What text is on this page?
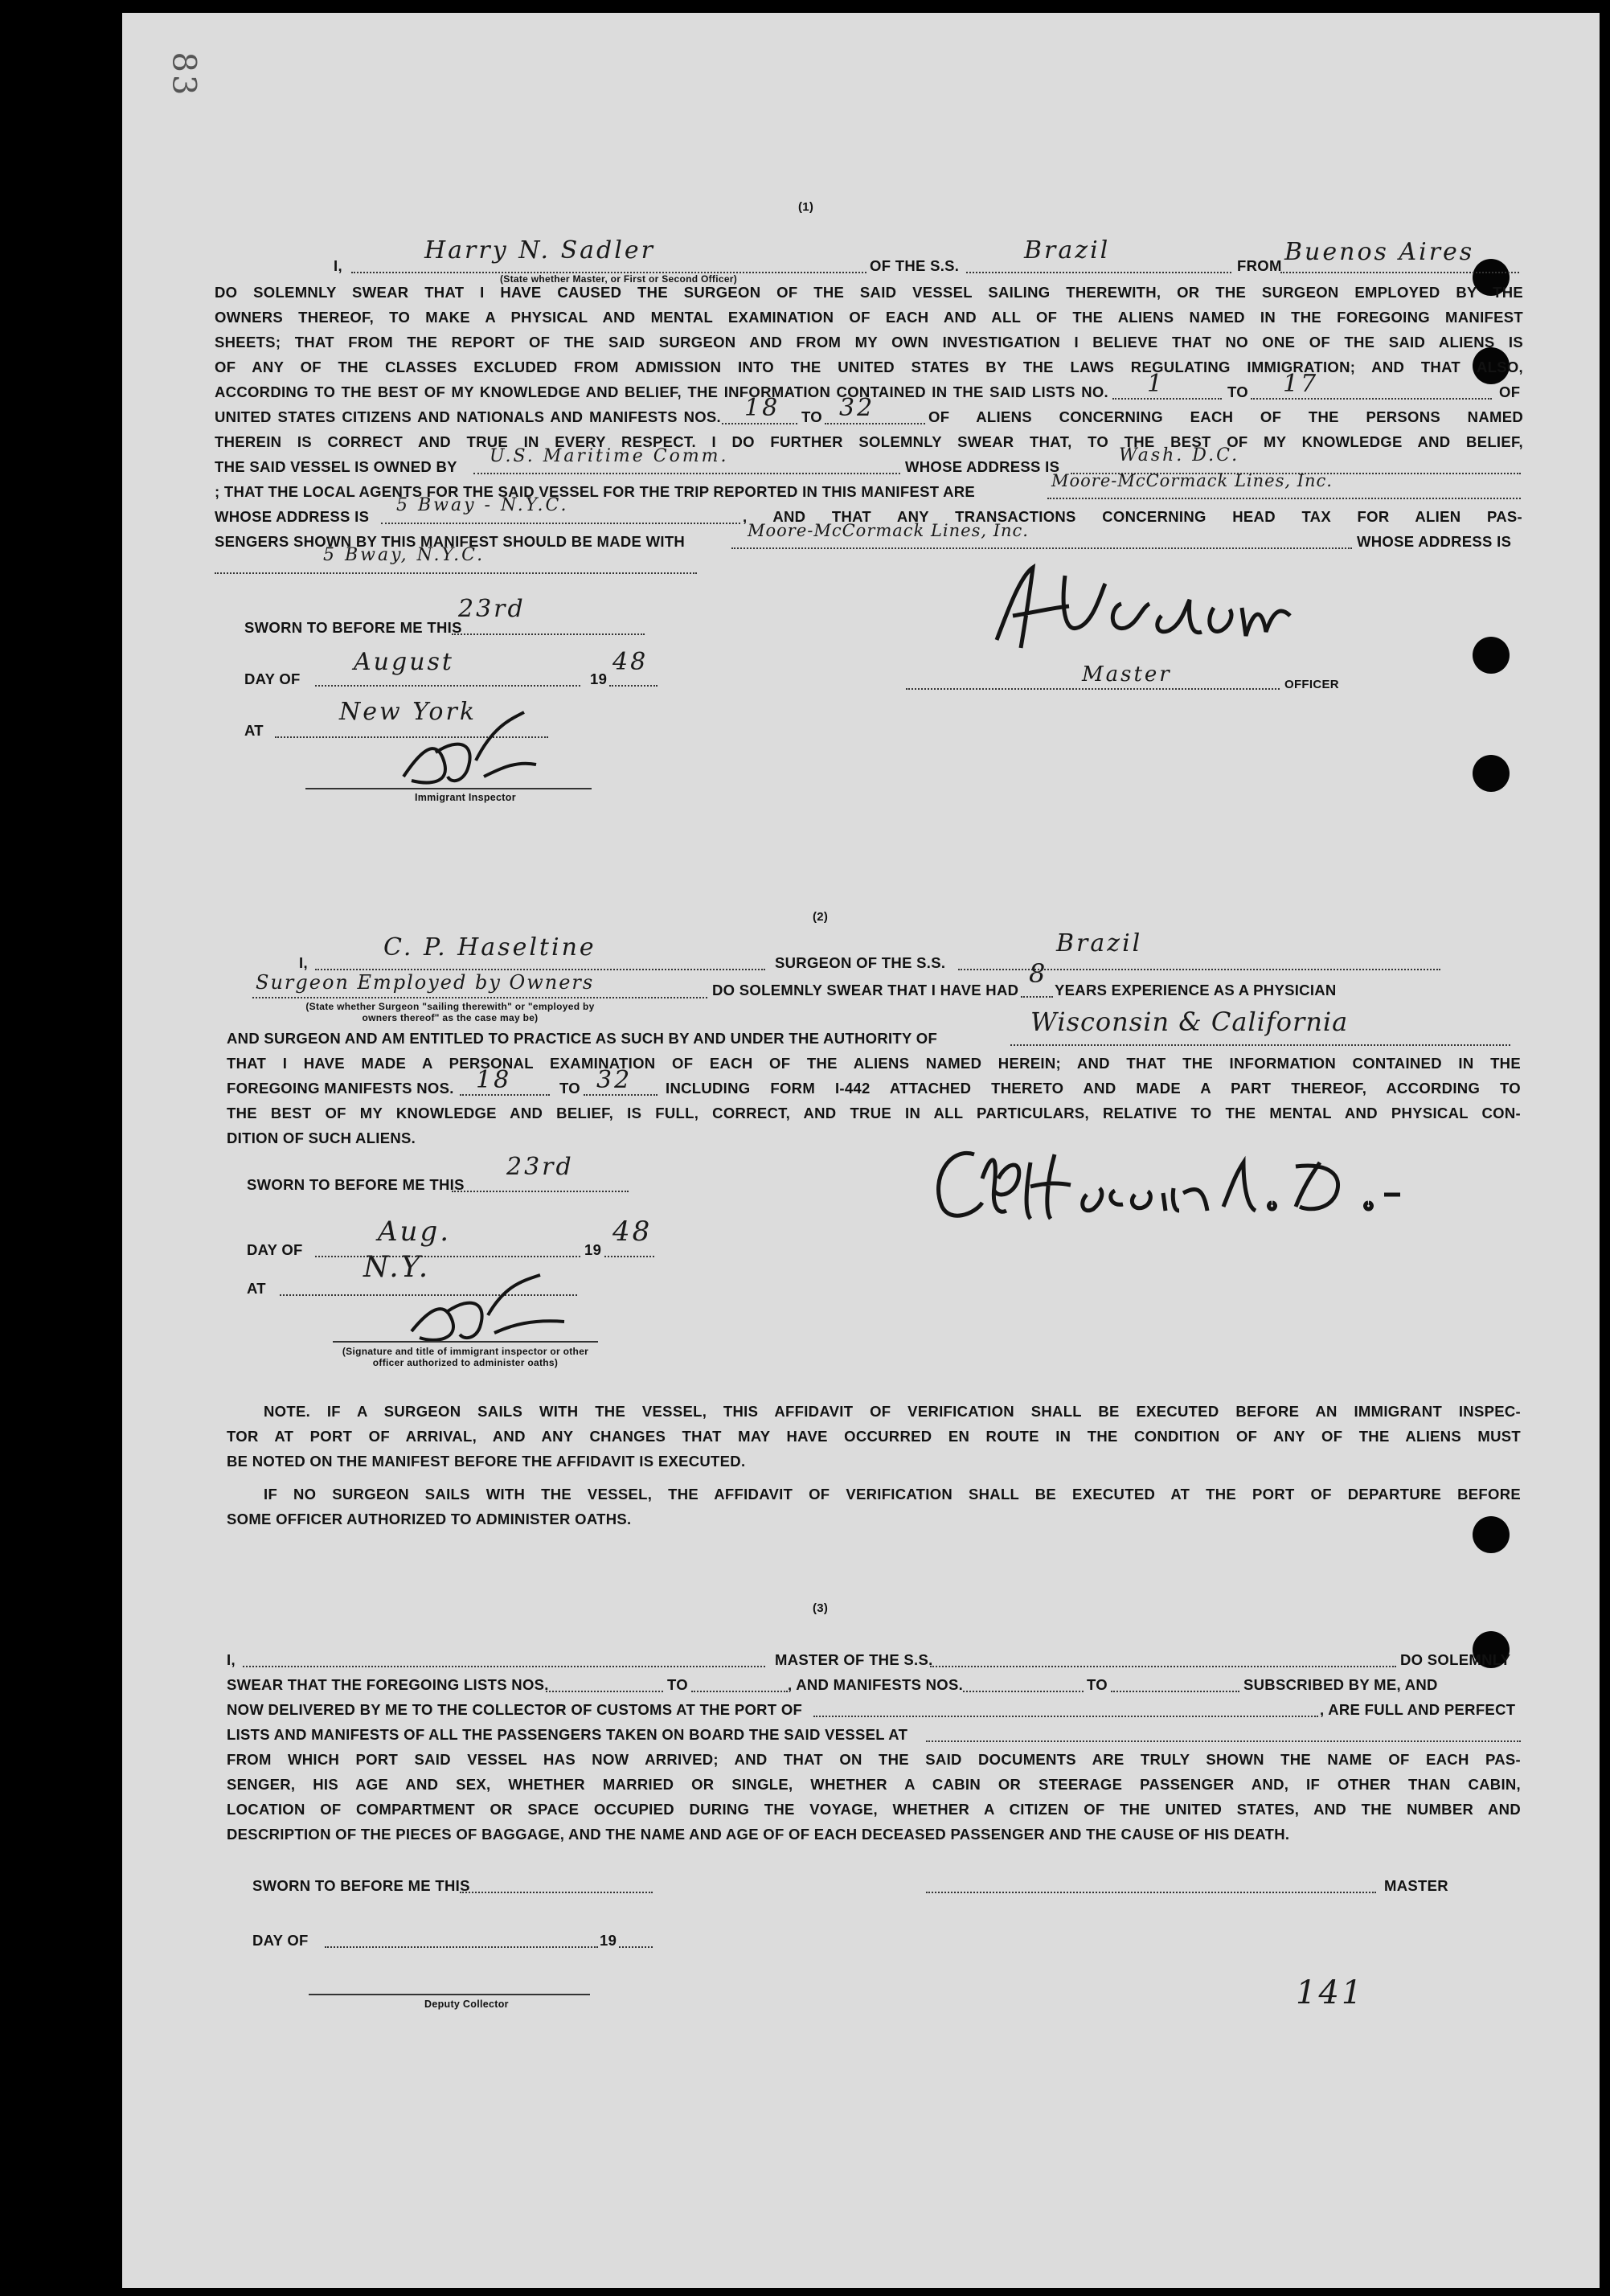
83
(1)
I,
Harry N. Sadler
OF THE S.S.
Brazil
FROM Buenos Aires
(State whether Master, or First or Second Officer)
DO SOLEMNLY SWEAR THAT I HAVE CAUSED THE SURGEON OF THE SAID VESSEL SAILING THEREWITH, OR THE SURGEON EMPLOYED BY THE
OWNERS THEREOF, TO MAKE A PHYSICAL AND MENTAL EXAMINATION OF EACH AND ALL OF THE ALIENS NAMED IN THE FOREGOING MANIFEST
SHEETS; THAT FROM THE REPORT OF THE SAID SURGEON AND FROM MY OWN INVESTIGATION I BELIEVE THAT NO ONE OF THE SAID ALIENS IS
OF ANY OF THE CLASSES EXCLUDED FROM ADMISSION INTO THE UNITED STATES BY THE LAWS REGULATING IMMIGRATION; AND THAT ALSO,
ACCORDING TO THE BEST OF MY KNOWLEDGE AND BELIEF, THE INFORMATION CONTAINED IN THE SAID LISTS NO. 1	TO 17	OF
UNITED STATES CITIZENS AND NATIONALS AND MANIFESTS NOS. 18 TO 32	OF ALIENS CONCERNING EACH OF THE PERSONS NAMED
THEREIN IS CORRECT AND TRUE IN EVERY RESPECT. I DO FURTHER SOLEMNLY SWEAR THAT, TO THE BEST OF MY KNOWLEDGE AND BELIEF,
THE SAID VESSEL IS OWNED BY
U.S. Maritime Comm.
WHOSE ADDRESS IS
Wash. D.C.
; THAT THE LOCAL AGENTS FOR THE SAID VESSEL FOR THE TRIP REPORTED IN THIS MANIFEST ARE
Moore-McCormack Lines, Inc.
WHOSE ADDRESS IS
5 Bway - N.Y.C.
, AND THAT ANY TRANSACTIONS CONCERNING HEAD TAX FOR ALIEN PAS-
SENGERS SHOWN BY THIS MANIFEST SHOULD BE MADE WITH
Moore-McCormack Lines, Inc.
WHOSE ADDRESS IS
5 Bway, N.Y.C.
SWORN TO BEFORE ME THIS
23rd
DAY OF
August
19
48
AT
New York
Immigrant Inspector
Master	OFFICER
(2)
I,
C. P. Haseltine
SURGEON OF THE S.S.
Brazil
Surgeon Employed by Owners	DO SOLEMNLY SWEAR THAT I HAVE HAD
8
YEARS EXPERIENCE AS A PHYSICIAN
(State whether Surgeon "sailing therewith" or "employed by owners thereof" as the case may be)
AND SURGEON AND AM ENTITLED TO PRACTICE AS SUCH BY AND UNDER THE AUTHORITY OF
Wisconsin & California
THAT I HAVE MADE A PERSONAL EXAMINATION OF EACH OF THE ALIENS NAMED HEREIN; AND THAT THE INFORMATION CONTAINED IN THE
FOREGOING MANIFESTS NOS. 18	TO 32 INCLUDING FORM I-442 ATTACHED THERETO AND MADE A PART THEREOF, ACCORDING TO
THE BEST OF MY KNOWLEDGE AND BELIEF, IS FULL, CORRECT, AND TRUE IN ALL PARTICULARS, RELATIVE TO THE MENTAL AND PHYSICAL CON-
DITION OF SUCH ALIENS.
SWORN TO BEFORE ME THIS
23rd
DAY OF
Aug.
19
48
AT
N.Y.
(Signature and title of immigrant inspector or other officer authorized to administer oaths)
NOTE. IF A SURGEON SAILS WITH THE VESSEL, THIS AFFIDAVIT OF VERIFICATION SHALL BE EXECUTED BEFORE AN IMMIGRANT INSPEC-
TOR AT PORT OF ARRIVAL, AND ANY CHANGES THAT MAY HAVE OCCURRED EN ROUTE IN THE CONDITION OF ANY OF THE ALIENS MUST
BE NOTED ON THE MANIFEST BEFORE THE AFFIDAVIT IS EXECUTED.
IF NO SURGEON SAILS WITH THE VESSEL, THE AFFIDAVIT OF VERIFICATION SHALL BE EXECUTED AT THE PORT OF DEPARTURE BEFORE
SOME OFFICER AUTHORIZED TO ADMINISTER OATHS.
(3)
I,	MASTER OF THE S.S.	DO SOLEMNLY
SWEAR THAT THE FOREGOING LISTS NOS.	TO	, AND MANIFESTS NOS.	TO	SUBSCRIBED BY ME, AND
NOW DELIVERED BY ME TO THE COLLECTOR OF CUSTOMS AT THE PORT OF	, ARE FULL AND PERFECT
LISTS AND MANIFESTS OF ALL THE PASSENGERS TAKEN ON BOARD THE SAID VESSEL AT
FROM WHICH PORT SAID VESSEL HAS NOW ARRIVED; AND THAT ON THE SAID DOCUMENTS ARE TRULY SHOWN THE NAME OF EACH PAS-
SENGER, HIS AGE AND SEX, WHETHER MARRIED OR SINGLE, WHETHER A CABIN OR STEERAGE PASSENGER AND, IF OTHER THAN CABIN,
LOCATION OF COMPARTMENT OR SPACE OCCUPIED DURING THE VOYAGE, WHETHER A CITIZEN OF THE UNITED STATES, AND THE NUMBER AND
DESCRIPTION OF THE PIECES OF BAGGAGE, AND THE NAME AND AGE OF OF EACH DECEASED PASSENGER AND THE CAUSE OF HIS DEATH.
SWORN TO BEFORE ME THIS	MASTER
DAY OF	19
Deputy Collector	141
